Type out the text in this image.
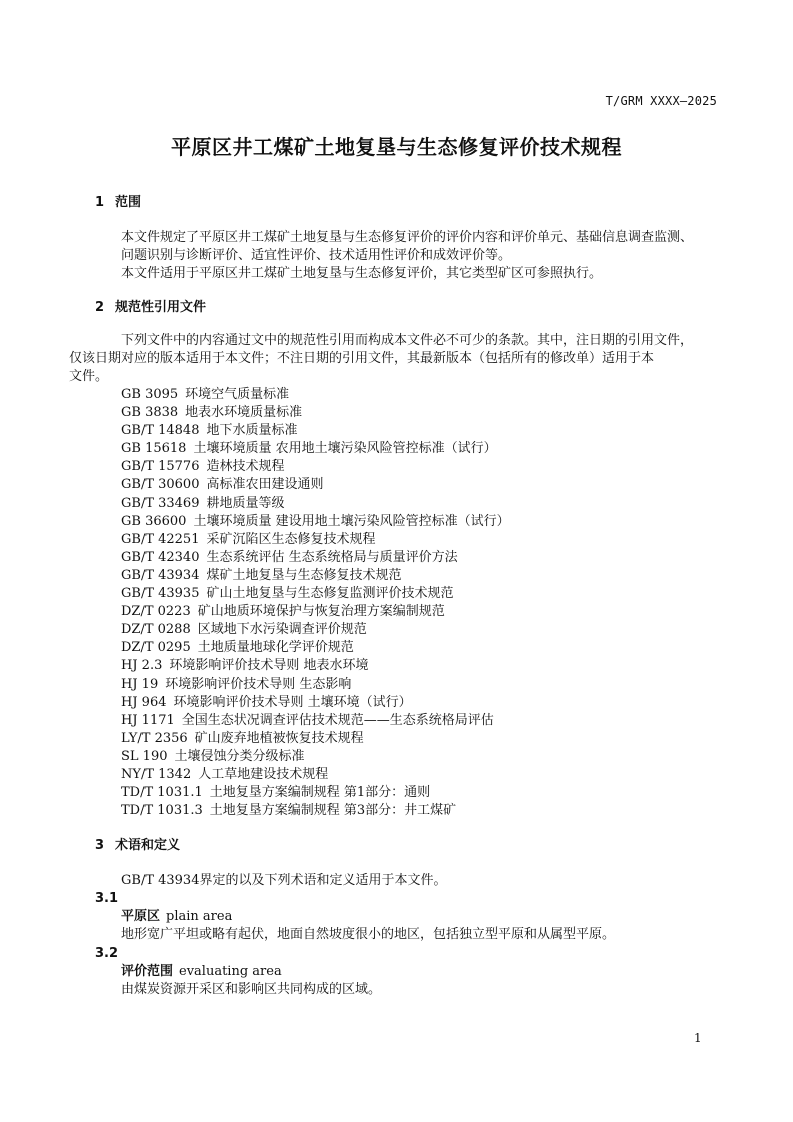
T/GRM XXXX—2025
平原区井工煤矿土地复垦与生态修复评价技术规程
1 范围

本文件规定了平原区井工煤矿土地复垦与生态修复评价的评价内容和评价单元、基础信息调查监测、
问题识别与诊断评价、适宜性评价、技术适用性评价和成效评价等。

本文件适用于平原区井工煤矿土地复垦与生态修复评价，其它类型矿区可参照执行。

2 规范性引用文件

下列文件中的内容通过文中的规范性引用而构成本文件必不可少的条款。其中，注日期的引用文件，
仅该日期对应的版本适用于本文件；不注日期的引用文件，其最新版本（包括所有的修改单）适用于本
文件。

GB 3095 环境空气质量标准
GB 3838 地表水环境质量标准
GB/T 14848 地下水质量标准
GB 15618 土壤环境质量 农用地土壤污染风险管控标准（试行）
GB/T 15776 造林技术规程
GB/T 30600 高标准农田建设通则
GB/T 33469 耕地质量等级
GB 36600 土壤环境质量 建设用地土壤污染风险管控标准（试行）
GB/T 42251 采矿沉陷区生态修复技术规程
GB/T 42340 生态系统评估 生态系统格局与质量评价方法
GB/T 43934 煤矿土地复垦与生态修复技术规范
GB/T 43935 矿山土地复垦与生态修复监测评价技术规范
DZ/T 0223 矿山地质环境保护与恢复治理方案编制规范
DZ/T 0288 区域地下水污染调查评价规范
DZ/T 0295 土地质量地球化学评价规范
HJ 2.3 环境影响评价技术导则 地表水环境
HJ 19 环境影响评价技术导则 生态影响
HJ 964 环境影响评价技术导则 土壤环境（试行）
HJ 1171 全国生态状况调查评估技术规范——生态系统格局评估
LY/T 2356 矿山废弃地植被恢复技术规程
SL 190 土壤侵蚀分类分级标准
NY/T 1342 人工草地建设技术规程
TD/T 1031.1 土地复垦方案编制规程 第1部分：通则
TD/T 1031.3 土地复垦方案编制规程 第3部分：井工煤矿
3 术语和定义

GB/T 43934界定的以及下列术语和定义适用于本文件。

3.1

平原区 plain area

地形宽广平坦或略有起伏，地面自然坡度很小的地区，包括独立型平原和从属型平原。

3.2

评价范围 evaluating area

由煤炭资源开采区和影响区共同构成的区域。

1
